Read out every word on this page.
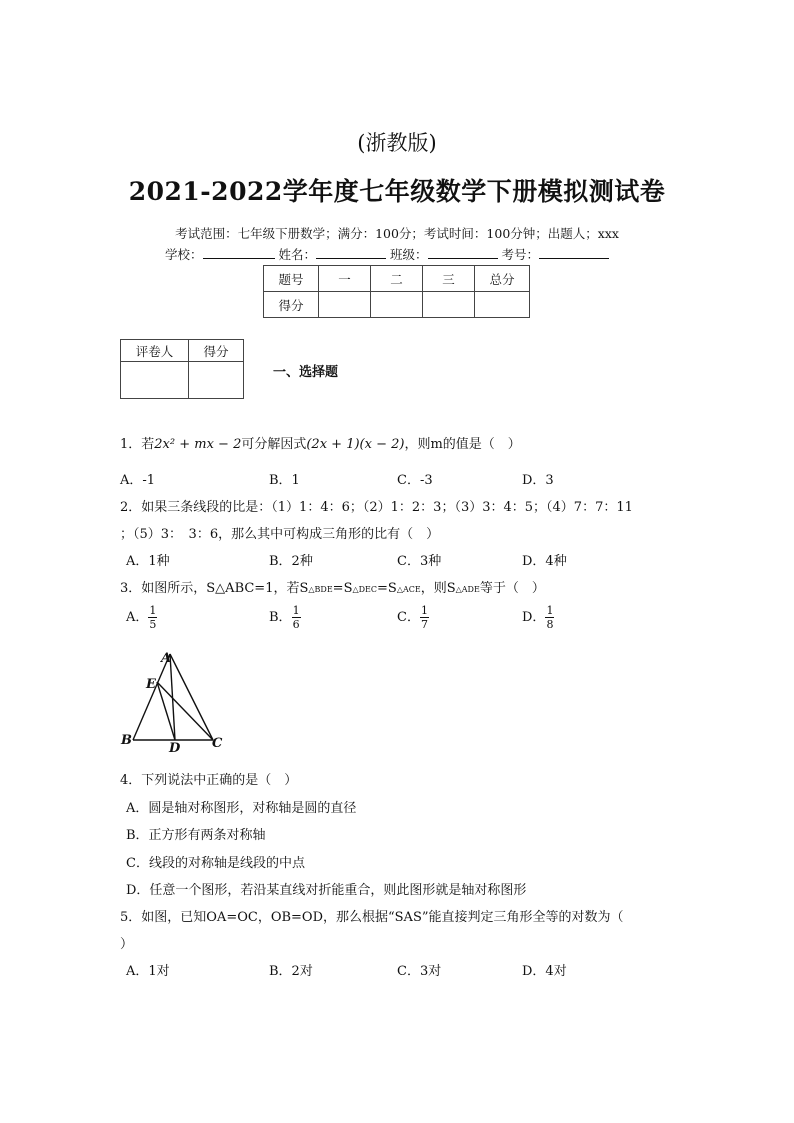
(浙教版)
2021-2022学年度七年级数学下册模拟测试卷
考试范围：七年级下册数学；满分：100分；考试时间：100分钟；出题人；xxx
学校：	姓名：	班级：	考号：
题号	一	二	三	总分
得分				
评卷人	得分

一、选择题
1．若2x² + mx − 2可分解因式(2x + 1)(x − 2)，则m的值是（　）
A．-1	B．1	C．-3	D．3
2．如果三条线段的比是：（1）1：4：6；（2）1：2：3；（3）3：4：5；（4）7：7：11
；（5）3：　3：6，那么其中可构成三角形的比有（　）
A．1种	B．2种	C．3种	D．4种
3．如图所示，S△ABC=1，若S△BDE=S△DEC=S△ACE，则S△ADE等于（　）
A． $\frac{1}{5}$	B． $\frac{1}{6}$	C． $\frac{1}{7}$	D． $\frac{1}{8}$
A
E
B
D C
4．下列说法中正确的是（　）
A．圆是轴对称图形，对称轴是圆的直径
B．正方形有两条对称轴
C．线段的对称轴是线段的中点
D．任意一个图形，若沿某直线对折能重合，则此图形就是轴对称图形
5．如图，已知OA=OC，OB=OD，那么根据“SAS”能直接判定三角形全等的对数为（
）
A．1对	B．2对	C．3对	D．4对
